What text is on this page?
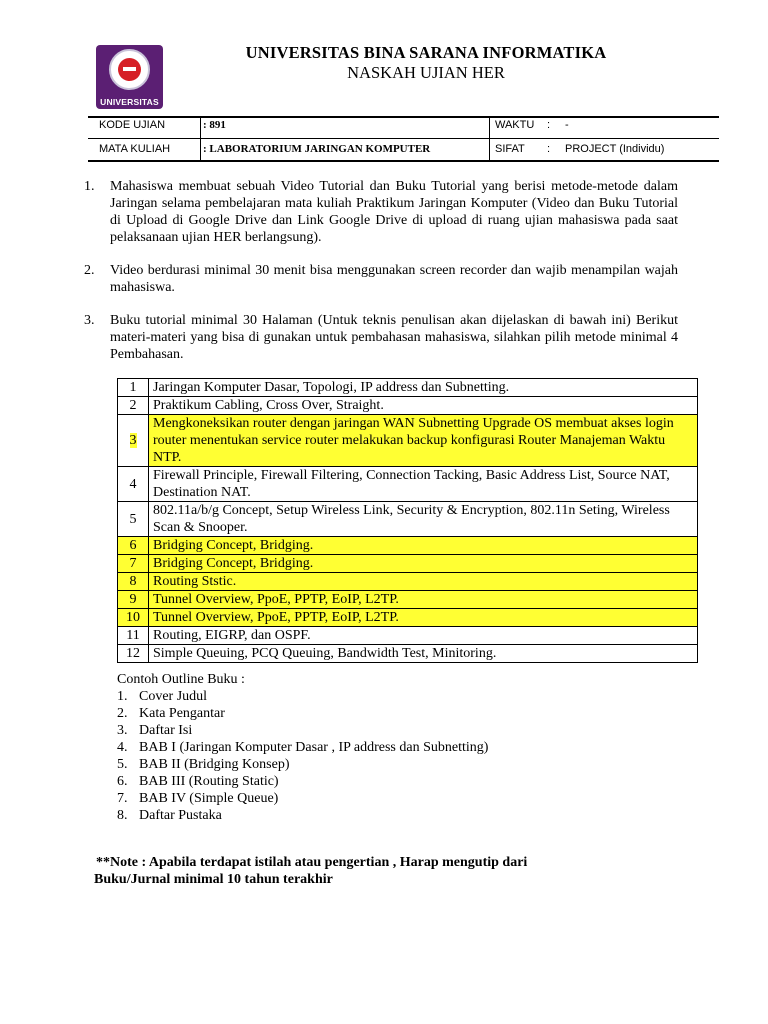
UNIVERSITAS
UNIVERSITAS BINA SARANA INFORMATIKA
NASKAH UJIAN HER
KODE UJIAN	: 891	WAKTU : -
MATA KULIAH	: LABORATORIUM JARINGAN KOMPUTER	SIFAT : PROJECT (Individu)
1. Mahasiswa membuat sebuah Video Tutorial dan Buku Tutorial yang berisi metode-metode dalam Jaringan selama pembelajaran mata kuliah Praktikum Jaringan Komputer (Video dan Buku Tutorial di Upload di Google Drive dan Link Google Drive di upload di ruang ujian mahasiswa pada saat pelaksanaan ujian HER berlangsung).
2. Video berdurasi minimal 30 menit bisa menggunakan screen recorder dan wajib menampilan wajah mahasiswa.
3. Buku tutorial minimal 30 Halaman (Untuk teknis penulisan akan dijelaskan di bawah ini) Berikut materi-materi yang bisa di gunakan untuk pembahasan mahasiswa, silahkan pilih metode minimal 4 Pembahasan.
1	Jaringan Komputer Dasar, Topologi, IP address dan Subnetting.
2	Praktikum Cabling, Cross Over, Straight.
3	Mengkoneksikan router dengan jaringan WAN Subnetting Upgrade OS membuat akses login router menentukan service router melakukan backup konfigurasi Router Manajeman Waktu NTP.
4	Firewall Principle, Firewall Filtering, Connection Tacking, Basic Address List, Source NAT, Destination NAT.
5	802.11a/b/g Concept, Setup Wireless Link, Security & Encryption, 802.11n Seting, Wireless Scan & Snooper.
6	Bridging Concept, Bridging.
7	Bridging Concept, Bridging.
8	Routing Ststic.
9	Tunnel Overview, PpoE, PPTP, EoIP, L2TP.
10	Tunnel Overview, PpoE, PPTP, EoIP, L2TP.
11	Routing, EIGRP, dan OSPF.
12	Simple Queuing, PCQ Queuing, Bandwidth Test, Minitoring.
Contoh Outline Buku :
1. Cover Judul
2. Kata Pengantar
3. Daftar Isi
4. BAB I (Jaringan Komputer Dasar , IP address dan Subnetting)
5. BAB II (Bridging Konsep)
6. BAB III (Routing Static)
7. BAB IV (Simple Queue)
8. Daftar Pustaka
**Note : Apabila terdapat istilah atau pengertian , Harap mengutip dari
Buku/Jurnal minimal 10 tahun terakhir
